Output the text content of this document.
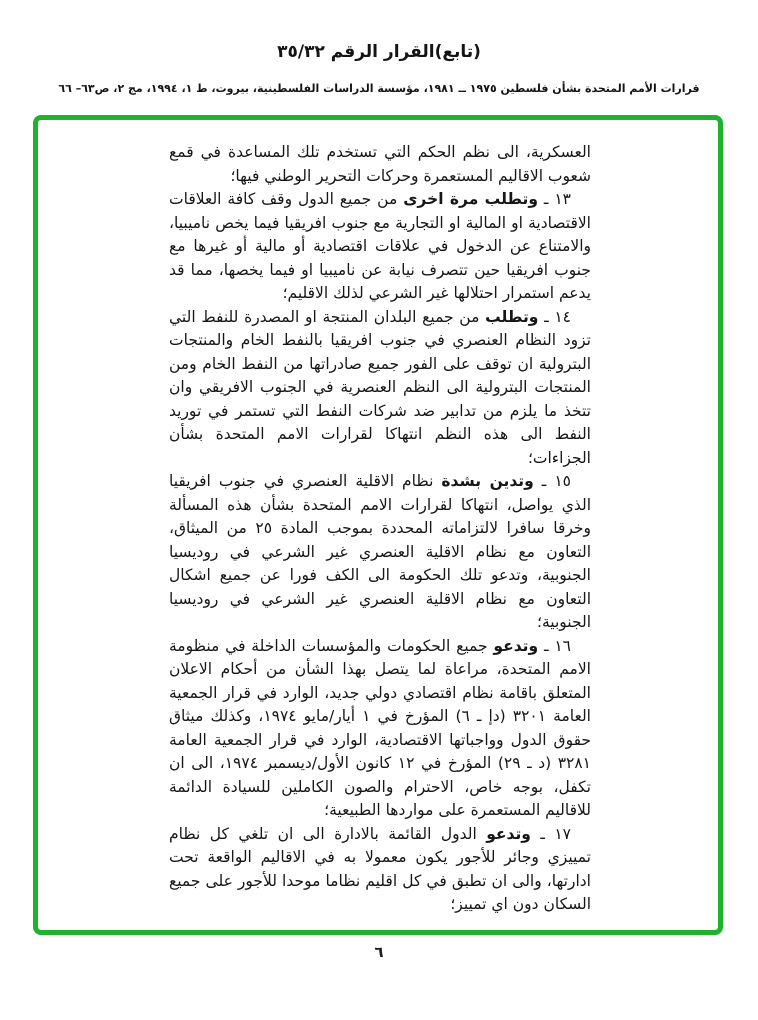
(تابع)القرار الرقم ٣٥/٣٢
قرارات الأمم المتحدة بشأن فلسطين ١٩٧٥ ــ ١٩٨١، مؤسسة الدراسات الفلسطينية، بيروت، ط ١، ١٩٩٤، مج ٢، ص٦٣– ٦٦

العسكرية، الى نظم الحكم التي تستخدم تلك المساعدة في قمع شعوب الاقاليم المستعمرة وحركات التحرير الوطني فيها؛

١٣ ـ وتطلب مرة اخرى من جميع الدول وقف كافة العلاقات الاقتصادية او المالية او التجارية مع جنوب افريقيا فيما يخص ناميبيا، والامتناع عن الدخول في علاقات اقتصادية أو مالية أو غيرها مع جنوب افريقيا حين تتصرف نيابة عن ناميبيا او فيما يخصها، مما قد يدعم استمرار احتلالها غير الشرعي لذلك الاقليم؛

١٤ ـ وتطلب من جميع البلدان المنتجة او المصدرة للنفط التي تزود النظام العنصري في جنوب افريقيا بالنفط الخام والمنتجات البترولية ان توقف على الفور جميع صادراتها من النفط الخام ومن المنتجات البترولية الى النظم العنصرية في الجنوب الافريقي وان تتخذ ما يلزم من تدابير ضد شركات النفط التي تستمر في توريد النفط الى هذه النظم انتهاكا لقرارات الامم المتحدة بشأن الجزاءات؛

١٥ ـ وتدين بشدة نظام الاقلية العنصري في جنوب افريقيا الذي يواصل، انتهاكا لقرارات الامم المتحدة بشأن هذه المسألة وخرقا سافرا لالتزاماته المحددة بموجب المادة ٢٥ من الميثاق، التعاون مع نظام الاقلية العنصري غير الشرعي في روديسيا الجنوبية، وتدعو تلك الحكومة الى الكف فورا عن جميع اشكال التعاون مع نظام الاقلية العنصري غير الشرعي في روديسيا الجنوبية؛

١٦ ـ وتدعو جميع الحكومات والمؤسسات الداخلة في منظومة الامم المتحدة، مراعاة لما يتصل بهذا الشأن من أحكام الاعلان المتعلق باقامة نظام اقتصادي دولي جديد، الوارد في قرار الجمعية العامة ٣٢٠١ (دإ ـ ٦) المؤرخ في ١ أيار/مايو ١٩٧٤، وكذلك ميثاق حقوق الدول وواجباتها الاقتصادية، الوارد في قرار الجمعية العامة ٣٢٨١ (د ـ ٢٩) المؤرخ في ١٢ كانون الأول/ديسمبر ١٩٧٤، الى ان تكفل، بوجه خاص، الاحترام والصون الكاملين للسيادة الدائمة للاقاليم المستعمرة على مواردها الطبيعية؛

١٧ ـ وتدعو الدول القائمة بالادارة الى ان تلغي كل نظام تمييزي وجائر للأجور يكون معمولا به في الاقاليم الواقعة تحت ادارتها، والى ان تطبق في كل اقليم نظاما موحدا للأجور على جميع السكان دون اي تمييز؛

٦
